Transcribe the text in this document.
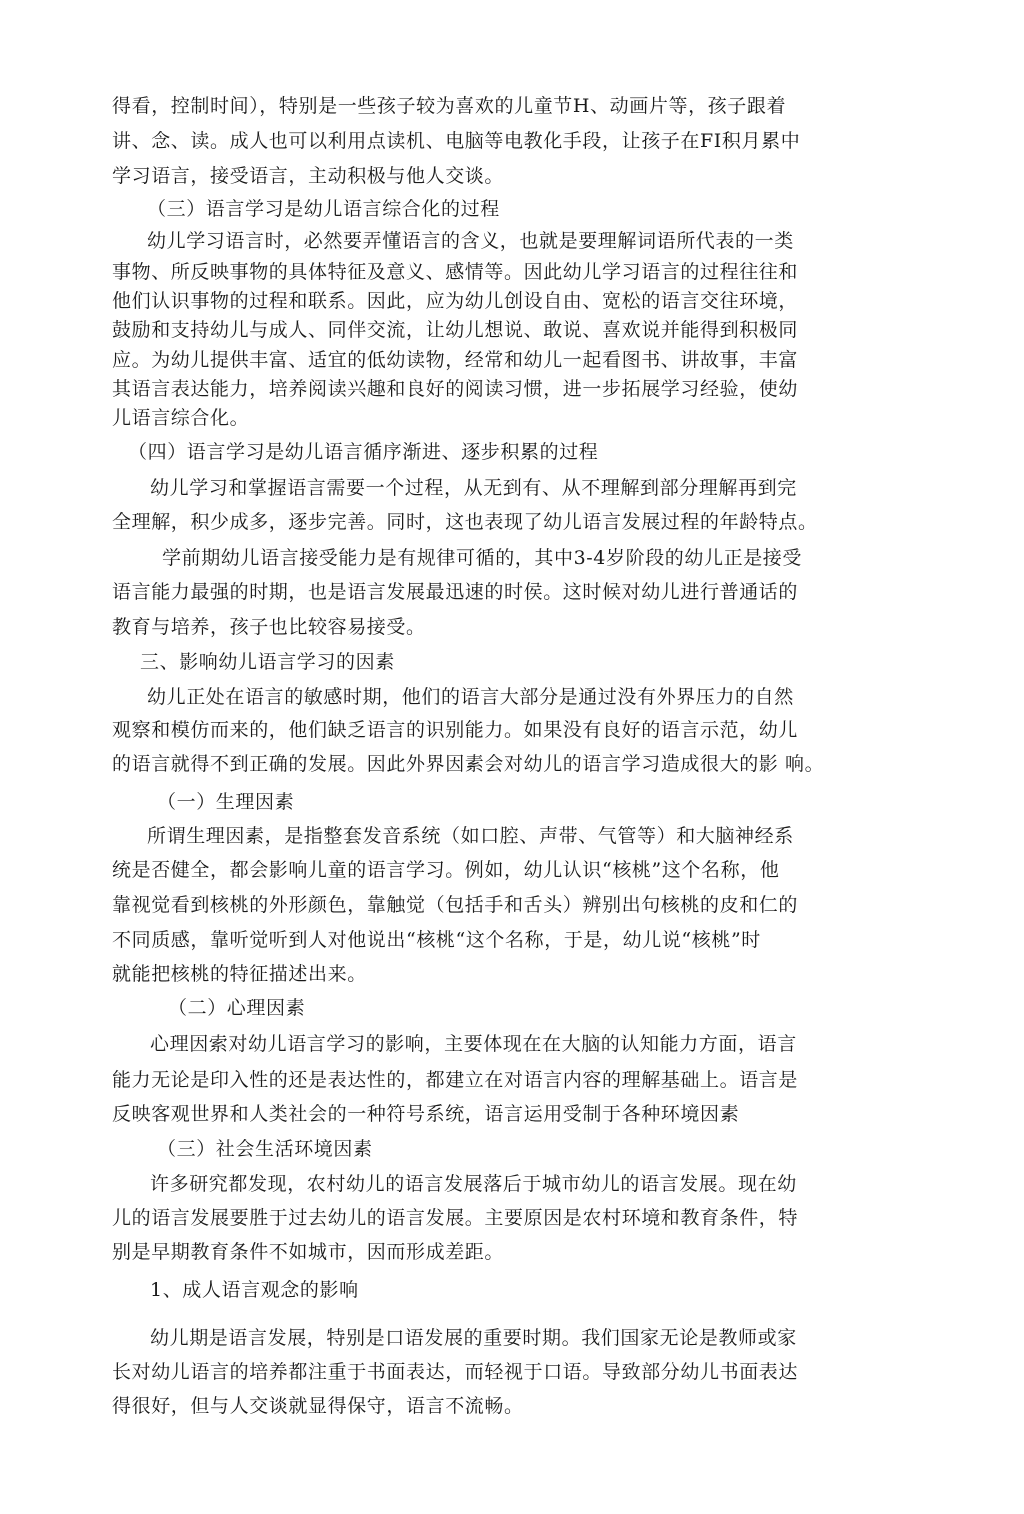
得看，控制时间），特别是一些孩子较为喜欢的儿童节H、动画片等，孩子跟着
讲、念、读。成人也可以利用点读机、电脑等电教化手段，让孩子在FI积月累中
学习语言，接受语言，主动积极与他人交谈。
（三）语言学习是幼儿语言综合化的过程
幼儿学习语言时，必然要弄懂语言的含义，也就是要理解词语所代表的一类
事物、所反映事物的具体特征及意义、感情等。因此幼儿学习语言的过程往往和
他们认识事物的过程和联系。因此，应为幼儿创设自由、宽松的语言交往环境，
鼓励和支持幼儿与成人、同伴交流，让幼儿想说、敢说、喜欢说并能得到积极同
应。为幼儿提供丰富、适宜的低幼读物，经常和幼儿一起看图书、讲故事，丰富
其语言表达能力，培养阅读兴趣和良好的阅读习惯，进一步拓展学习经验，使幼
儿语言综合化。
（四）语言学习是幼儿语言循序渐进、逐步积累的过程
幼儿学习和掌握语言需要一个过程，从无到有、从不理解到部分理解再到完
全理解，积少成多，逐步完善。同时，这也表现了幼儿语言发展过程的年龄特点。
学前期幼儿语言接受能力是有规律可循的，其中3-4岁阶段的幼儿正是接受
语言能力最强的时期，也是语言发展最迅速的时侯。这时候对幼儿进行普通话的
教育与培养，孩子也比较容易接受。
三、影响幼儿语言学习的因素
幼儿正处在语言的敏感时期，他们的语言大部分是通过没有外界压力的自然
观察和模仿而来的，他们缺乏语言的识别能力。如果没有良好的语言示范，幼儿
的语言就得不到正确的发展。因此外界因素会对幼儿的语言学习造成很大的影 响。
（一）生理因素
所谓生理因素，是指整套发音系统（如口腔、声带、气管等）和大脑神经系
统是否健全，都会影响儿童的语言学习。例如，幼儿认识“核桃”这个名称，他
靠视觉看到核桃的外形颜色，靠触觉（包括手和舌头）辨别出句核桃的皮和仁的
不同质感，靠听觉听到人对他说出“核桃“这个名称，于是，幼儿说“核桃”时
就能把核桃的特征描述出来。
（二）心理因素
心理因索对幼儿语言学习的影响，主要体现在在大脑的认知能力方面，语言
能力无论是印入性的还是表达性的，都建立在对语言内容的理解基础上。语言是
反映客观世界和人类社会的一种符号系统，语言运用受制于各种环境因素
（三）社会生活环境因素
许多研究都发现，农村幼儿的语言发展落后于城市幼儿的语言发展。现在幼
儿的语言发展要胜于过去幼儿的语言发展。主要原因是农村环境和教育条件，特
别是早期教育条件不如城市，因而形成差距。
1、成人语言观念的影响
幼儿期是语言发展，特别是口语发展的重要时期。我们国家无论是教师或家
长对幼儿语言的培养都注重于书面表达，而轻视于口语。导致部分幼儿书面表达
得很好，但与人交谈就显得保守，语言不流畅。
